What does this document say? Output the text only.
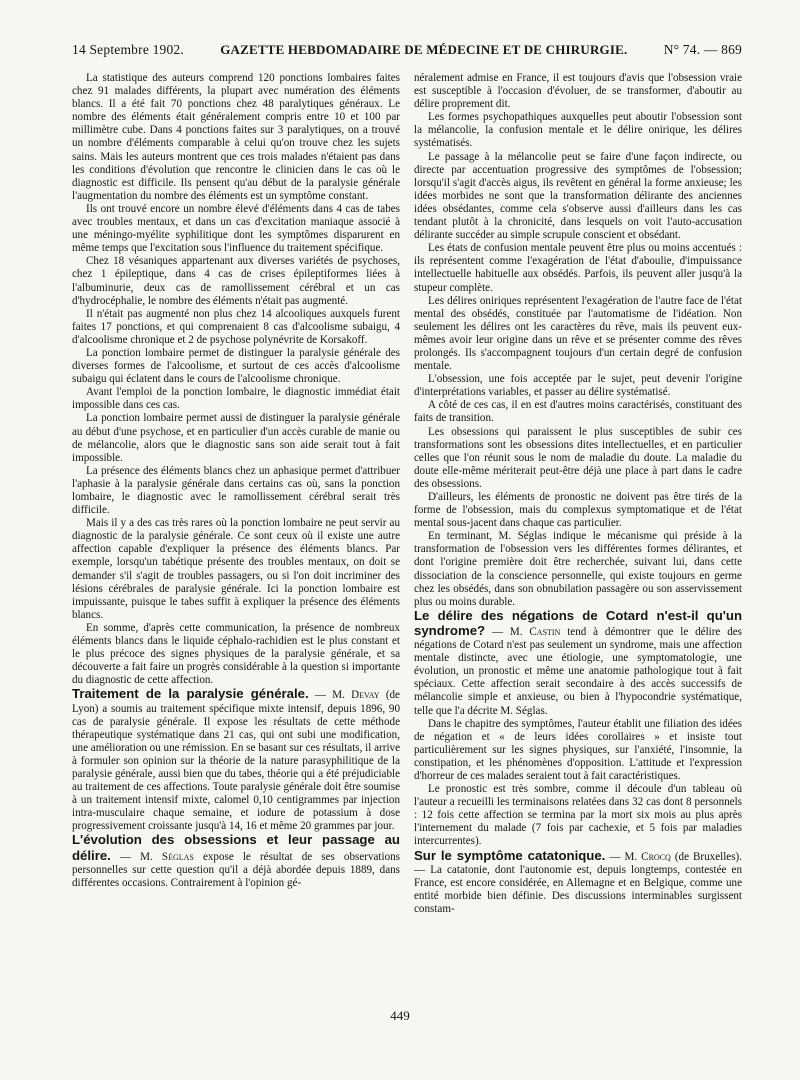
14 Septembre 1902.	GAZETTE HEBDOMADAIRE DE MÉDECINE ET DE CHIRURGIE.	N° 74. — 869

La statistique des auteurs comprend 120 ponctions lombaires faites chez 91 malades différents, la plupart avec numération des éléments blancs. Il a été fait 70 ponctions chez 48 paralytiques généraux. Le nombre des éléments était généralement compris entre 10 et 100 par millimètre cube. Dans 4 ponctions faites sur 3 paralytiques, on a trouvé un nombre d'éléments comparable à celui qu'on trouve chez les sujets sains. Mais les auteurs montrent que ces trois malades n'étaient pas dans les conditions d'évolution que rencontre le clinicien dans le cas où le diagnostic est difficile. Ils pensent qu'au début de la paralysie générale l'augmentation du nombre des éléments est un symptôme constant.

Ils ont trouvé encore un nombre élevé d'éléments dans 4 cas de tabes avec troubles mentaux, et dans un cas d'excitation maniaque associé à une méningo-myélite syphilitique dont les symptômes disparurent en même temps que l'excitation sous l'influence du traitement spécifique.

Chez 18 vésaniques appartenant aux diverses variétés de psychoses, chez 1 épileptique, dans 4 cas de crises épileptiformes liées à l'albuminurie, deux cas de ramollissement cérébral et un cas d'hydrocéphalie, le nombre des éléments n'était pas augmenté.

Il n'était pas augmenté non plus chez 14 alcooliques auxquels furent faites 17 ponctions, et qui comprenaient 8 cas d'alcoolisme subaigu, 4 d'alcoolisme chronique et 2 de psychose polynévrite de Korsakoff.

La ponction lombaire permet de distinguer la paralysie générale des diverses formes de l'alcoolisme, et surtout de ces accès d'alcoolisme subaigu qui éclatent dans le cours de l'alcoolisme chronique.

Avant l'emploi de la ponction lombaire, le diagnostic immédiat était impossible dans ces cas.

La ponction lombaire permet aussi de distinguer la paralysie générale au début d'une psychose, et en particulier d'un accès curable de manie ou de mélancolie, alors que le diagnostic sans son aide serait tout à fait impossible.

La présence des éléments blancs chez un aphasique permet d'attribuer l'aphasie à la paralysie générale dans certains cas où, sans la ponction lombaire, le diagnostic avec le ramollissement cérébral serait très difficile.

Mais il y a des cas très rares où la ponction lombaire ne peut servir au diagnostic de la paralysie générale. Ce sont ceux où il existe une autre affection capable d'expliquer la présence des éléments blancs. Par exemple, lorsqu'un tabétique présente des troubles mentaux, on doit se demander s'il s'agit de troubles passagers, ou si l'on doit incriminer des lésions cérébrales de paralysie générale. Ici la ponction lombaire est impuissante, puisque le tabes suffit à expliquer la présence des éléments blancs.

En somme, d'après cette communication, la présence de nombreux éléments blancs dans le liquide céphalo-rachidien est le plus constant et le plus précoce des signes physiques de la paralysie générale, et sa découverte a fait faire un progrès considérable à la question si importante du diagnostic de cette affection.

Traitement de la paralysie générale. — M. Devay (de Lyon) a soumis au traitement spécifique mixte intensif, depuis 1896, 90 cas de paralysie générale. Il expose les résultats de cette méthode thérapeutique systématique dans 21 cas, qui ont subi une modification, une amélioration ou une rémission. En se basant sur ces résultats, il arrive à formuler son opinion sur la théorie de la nature parasyphilitique de la paralysie générale, aussi bien que du tabes, théorie qui a été préjudiciable au traitement de ces affections. Toute paralysie générale doit être soumise à un traitement intensif mixte, calomel 0,10 centigrammes par injection intra-musculaire chaque semaine, et iodure de potassium à dose progressivement croissante jusqu'à 14, 16 et même 20 grammes par jour.

L'évolution des obsessions et leur passage au délire. — M. Séglas expose le résultat de ses observations personnelles sur cette question qu'il a déjà abordée depuis 1889, dans différentes occasions. Contrairement à l'opinion gé-

néralement admise en France, il est toujours d'avis que l'obsession vraie est susceptible à l'occasion d'évoluer, de se transformer, d'aboutir au délire proprement dit.

Les formes psychopathiques auxquelles peut aboutir l'obsession sont la mélancolie, la confusion mentale et le délire onirique, les délires systématisés.

Le passage à la mélancolie peut se faire d'une façon indirecte, ou directe par accentuation progressive des symptômes de l'obsession; lorsqu'il s'agit d'accès aigus, ils revêtent en général la forme anxieuse; les idées morbides ne sont que la transformation délirante des anciennes idées obsédantes, comme cela s'observe aussi d'ailleurs dans les cas tendant plutôt à la chronicité, dans lesquels on voit l'auto-accusation délirante succéder au simple scrupule conscient et obsédant.

Les états de confusion mentale peuvent être plus ou moins accentués : ils représentent comme l'exagération de l'état d'aboulie, d'impuissance intellectuelle habituelle aux obsédés. Parfois, ils peuvent aller jusqu'à la stupeur complète.

Les délires oniriques représentent l'exagération de l'autre face de l'état mental des obsédés, constituée par l'automatisme de l'idéation. Non seulement les délires ont les caractères du rêve, mais ils peuvent eux-mêmes avoir leur origine dans un rêve et se présenter comme des rêves prolongés. Ils s'accompagnent toujours d'un certain degré de confusion mentale.

L'obsession, une fois acceptée par le sujet, peut devenir l'origine d'interprétations variables, et passer au délire systématisé.

A côté de ces cas, il en est d'autres moins caractérisés, constituant des faits de transition.

Les obsessions qui paraissent le plus susceptibles de subir ces transformations sont les obsessions dites intellectuelles, et en particulier celles que l'on réunit sous le nom de maladie du doute. La maladie du doute elle-même mériterait peut-être déjà une place à part dans le cadre des obsessions.

D'ailleurs, les éléments de pronostic ne doivent pas être tirés de la forme de l'obsession, mais du complexus symptomatique et de l'état mental sous-jacent dans chaque cas particulier.

En terminant, M. Séglas indique le mécanisme qui préside à la transformation de l'obsession vers les différentes formes délirantes, et dont l'origine première doit être recherchée, suivant lui, dans cette dissociation de la conscience personnelle, qui existe toujours en germe chez les obsédés, dans son obnubilation passagère ou son asservissement plus ou moins durable.

Le délire des négations de Cotard n'est-il qu'un syndrome? — M. Castin tend à démontrer que le délire des négations de Cotard n'est pas seulement un syndrome, mais une affection mentale distincte, avec une étiologie, une symptomatologie, une évolution, un pronostic et même une anatomie pathologique tout à fait spéciaux. Cette affection serait secondaire à des accès successifs de mélancolie simple et anxieuse, ou bien à l'hypocondrie systématique, telle que l'a décrite M. Séglas.

Dans le chapitre des symptômes, l'auteur établit une filiation des idées de négation et « de leurs idées corollaires » et insiste tout particulièrement sur les signes physiques, sur l'anxiété, l'insomnie, la constipation, et les phénomènes d'opposition. L'attitude et l'expression d'horreur de ces malades seraient tout à fait caractéristiques.

Le pronostic est très sombre, comme il découle d'un tableau où l'auteur a recueilli les terminaisons relatées dans 32 cas dont 8 personnels : 12 fois cette affection se termina par la mort six mois au plus après l'internement du malade (7 fois par cachexie, et 5 fois par maladies intercurrentes).

Sur le symptôme catatonique. — M. Crocq (de Bruxelles). — La catatonie, dont l'autonomie est, depuis longtemps, contestée en France, est encore considérée, en Allemagne et en Belgique, comme une entité morbide bien définie. Des discussions interminables surgissent constam-

449
